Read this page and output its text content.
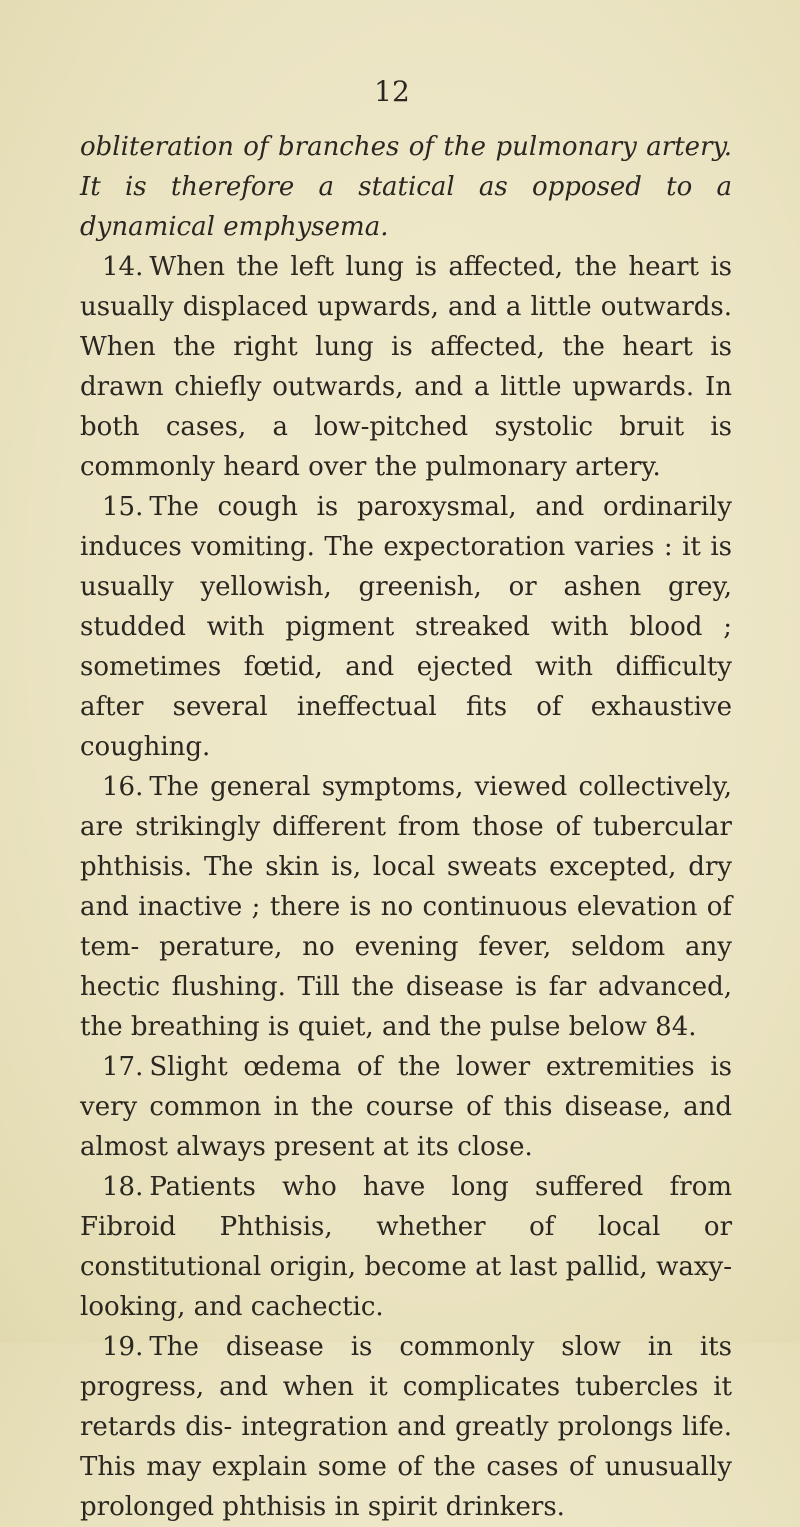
12

obliteration of branches of the pulmonary artery. It is therefore a statical as opposed to a dynamical emphysema.

14. When the left lung is affected, the heart is usually displaced upwards, and a little outwards. When the right lung is affected, the heart is drawn chiefly outwards, and a little upwards. In both cases, a low-pitched systolic bruit is commonly heard over the pulmonary artery.

15. The cough is paroxysmal, and ordinarily induces vomiting. The expectoration varies : it is usually yellowish, greenish, or ashen grey, studded with pigment streaked with blood ; sometimes fœtid, and ejected with difficulty after several ineffectual fits of exhaustive coughing.

16. The general symptoms, viewed collectively, are strikingly different from those of tubercular phthisis. The skin is, local sweats excepted, dry and inactive ; there is no continuous elevation of tem- perature, no evening fever, seldom any hectic flushing. Till the disease is far advanced, the breathing is quiet, and the pulse below 84.

17. Slight œdema of the lower extremities is very common in the course of this disease, and almost always present at its close.

18. Patients who have long suffered from Fibroid Phthisis, whether of local or constitutional origin, become at last pallid, waxy-looking, and cachectic.

19. The disease is commonly slow in its progress, and when it complicates tubercles it retards dis- integration and greatly prolongs life. This may explain some of the cases of unusually prolonged phthisis in spirit drinkers.
